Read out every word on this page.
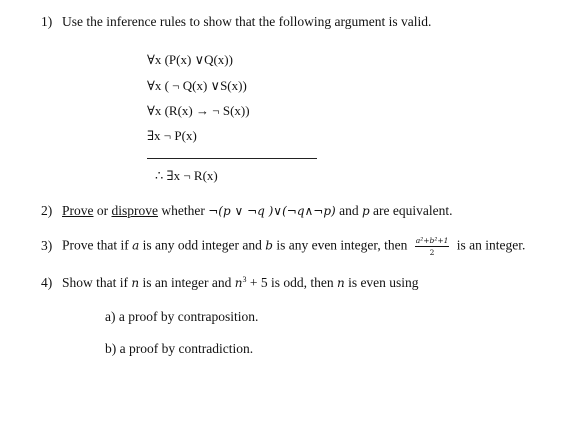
1) Use the inference rules to show that the following argument is valid.
∀x (P(x) ∨Q(x))
∀x ( ¬ Q(x) ∨S(x))
∀x (R(x) → ¬ S(x))
∃x ¬ P(x)
∴ ∃x ¬ R(x)
2) Prove or disprove whether ¬(p ∨ ¬q )∨(¬q∧¬p) and p are equivalent.
3) Prove that if a is any odd integer and b is any even integer, then $\frac{\text{a²+b²+1}}{2}$ is an integer.
4) Show that if n is an integer and $n^3 + 5$ is odd, then n is even using
a) a proof by contraposition.
b) a proof by contradiction.
